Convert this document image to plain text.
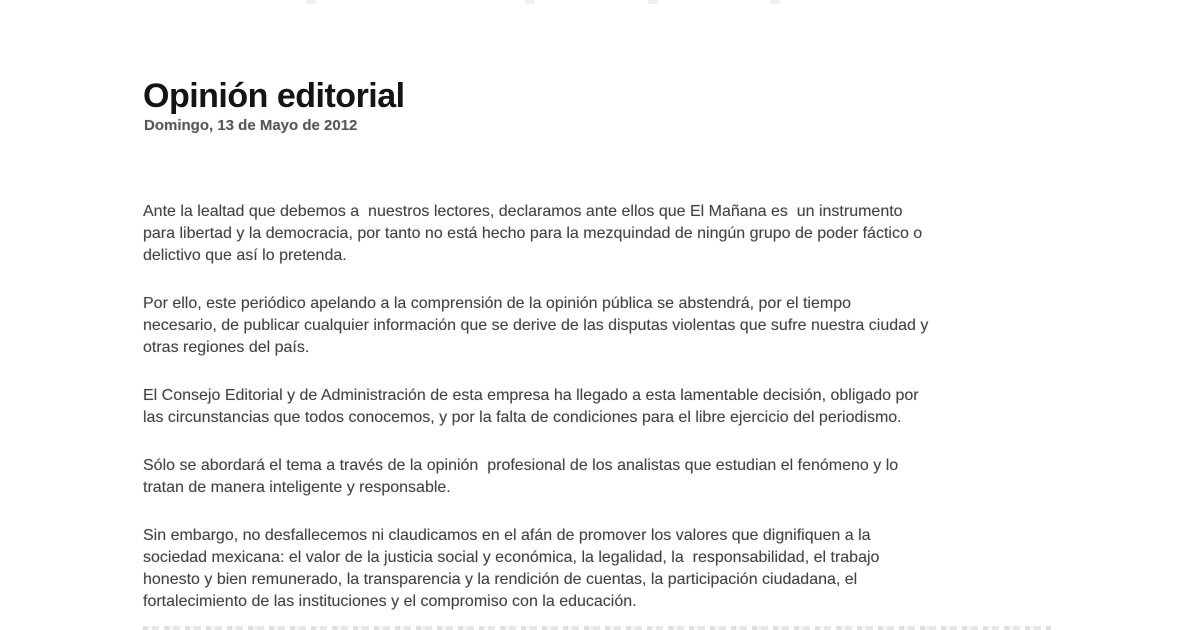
Opinión editorial
Domingo, 13 de Mayo de 2012

Ante la lealtad que debemos a  nuestros lectores, declaramos ante ellos que El Mañana es  un instrumento
para libertad y la democracia, por tanto no está hecho para la mezquindad de ningún grupo de poder fáctico o
delictivo que así lo pretenda.

Por ello, este periódico apelando a la comprensión de la opinión pública se abstendrá, por el tiempo
necesario, de publicar cualquier información que se derive de las disputas violentas que sufre nuestra ciudad y
otras regiones del país.

El Consejo Editorial y de Administración de esta empresa ha llegado a esta lamentable decisión, obligado por
las circunstancias que todos conocemos, y por la falta de condiciones para el libre ejercicio del periodismo.

Sólo se abordará el tema a través de la opinión  profesional de los analistas que estudian el fenómeno y lo
tratan de manera inteligente y responsable.

Sin embargo, no desfallecemos ni claudicamos en el afán de promover los valores que dignifiquen a la
sociedad mexicana: el valor de la justicia social y económica, la legalidad, la  responsabilidad, el trabajo
honesto y bien remunerado, la transparencia y la rendición de cuentas, la participación ciudadana, el
fortalecimiento de las instituciones y el compromiso con la educación.
